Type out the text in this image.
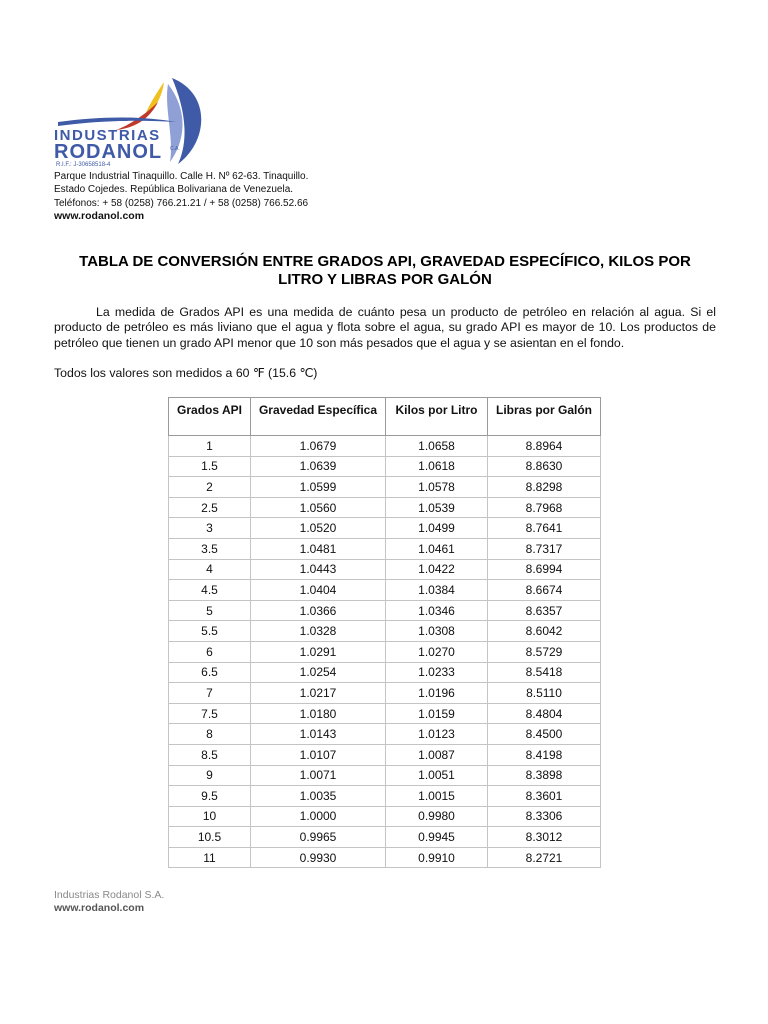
INDUSTRIAS
RODANOL C.A.
R.I.F.: J-30658518-4
Parque Industrial Tinaquillo. Calle H. Nº 62-63. Tinaquillo.
Estado Cojedes. República Bolivariana de Venezuela.
Teléfonos: + 58 (0258) 766.21.21 / + 58 (0258) 766.52.66
www.rodanol.com
TABLA DE CONVERSIÓN ENTRE GRADOS API, GRAVEDAD ESPECÍFICO, KILOS POR
LITRO Y LIBRAS POR GALÓN
La medida de Grados API es una medida de cuánto pesa un producto de petróleo en relación al agua. Si el producto de petróleo es más liviano que el agua y flota sobre el agua, su grado API es mayor de 10. Los productos de petróleo que tienen un grado API menor que 10 son más pesados que el agua y se asientan en el fondo.
Todos los valores son medidos a 60 ℉ (15.6 ℃)
Grados API	Gravedad Específica	Kilos por Litro	Libras por Galón
1	1.0679	1.0658	8.8964
1.5	1.0639	1.0618	8.8630
2	1.0599	1.0578	8.8298
2.5	1.0560	1.0539	8.7968
3	1.0520	1.0499	8.7641
3.5	1.0481	1.0461	8.7317
4	1.0443	1.0422	8.6994
4.5	1.0404	1.0384	8.6674
5	1.0366	1.0346	8.6357
5.5	1.0328	1.0308	8.6042
6	1.0291	1.0270	8.5729
6.5	1.0254	1.0233	8.5418
7	1.0217	1.0196	8.5110
7.5	1.0180	1.0159	8.4804
8	1.0143	1.0123	8.4500
8.5	1.0107	1.0087	8.4198
9	1.0071	1.0051	8.3898
9.5	1.0035	1.0015	8.3601
10	1.0000	0.9980	8.3306
10.5	0.9965	0.9945	8.3012
11	0.9930	0.9910	8.2721
Industrias Rodanol S.A.
www.rodanol.com
